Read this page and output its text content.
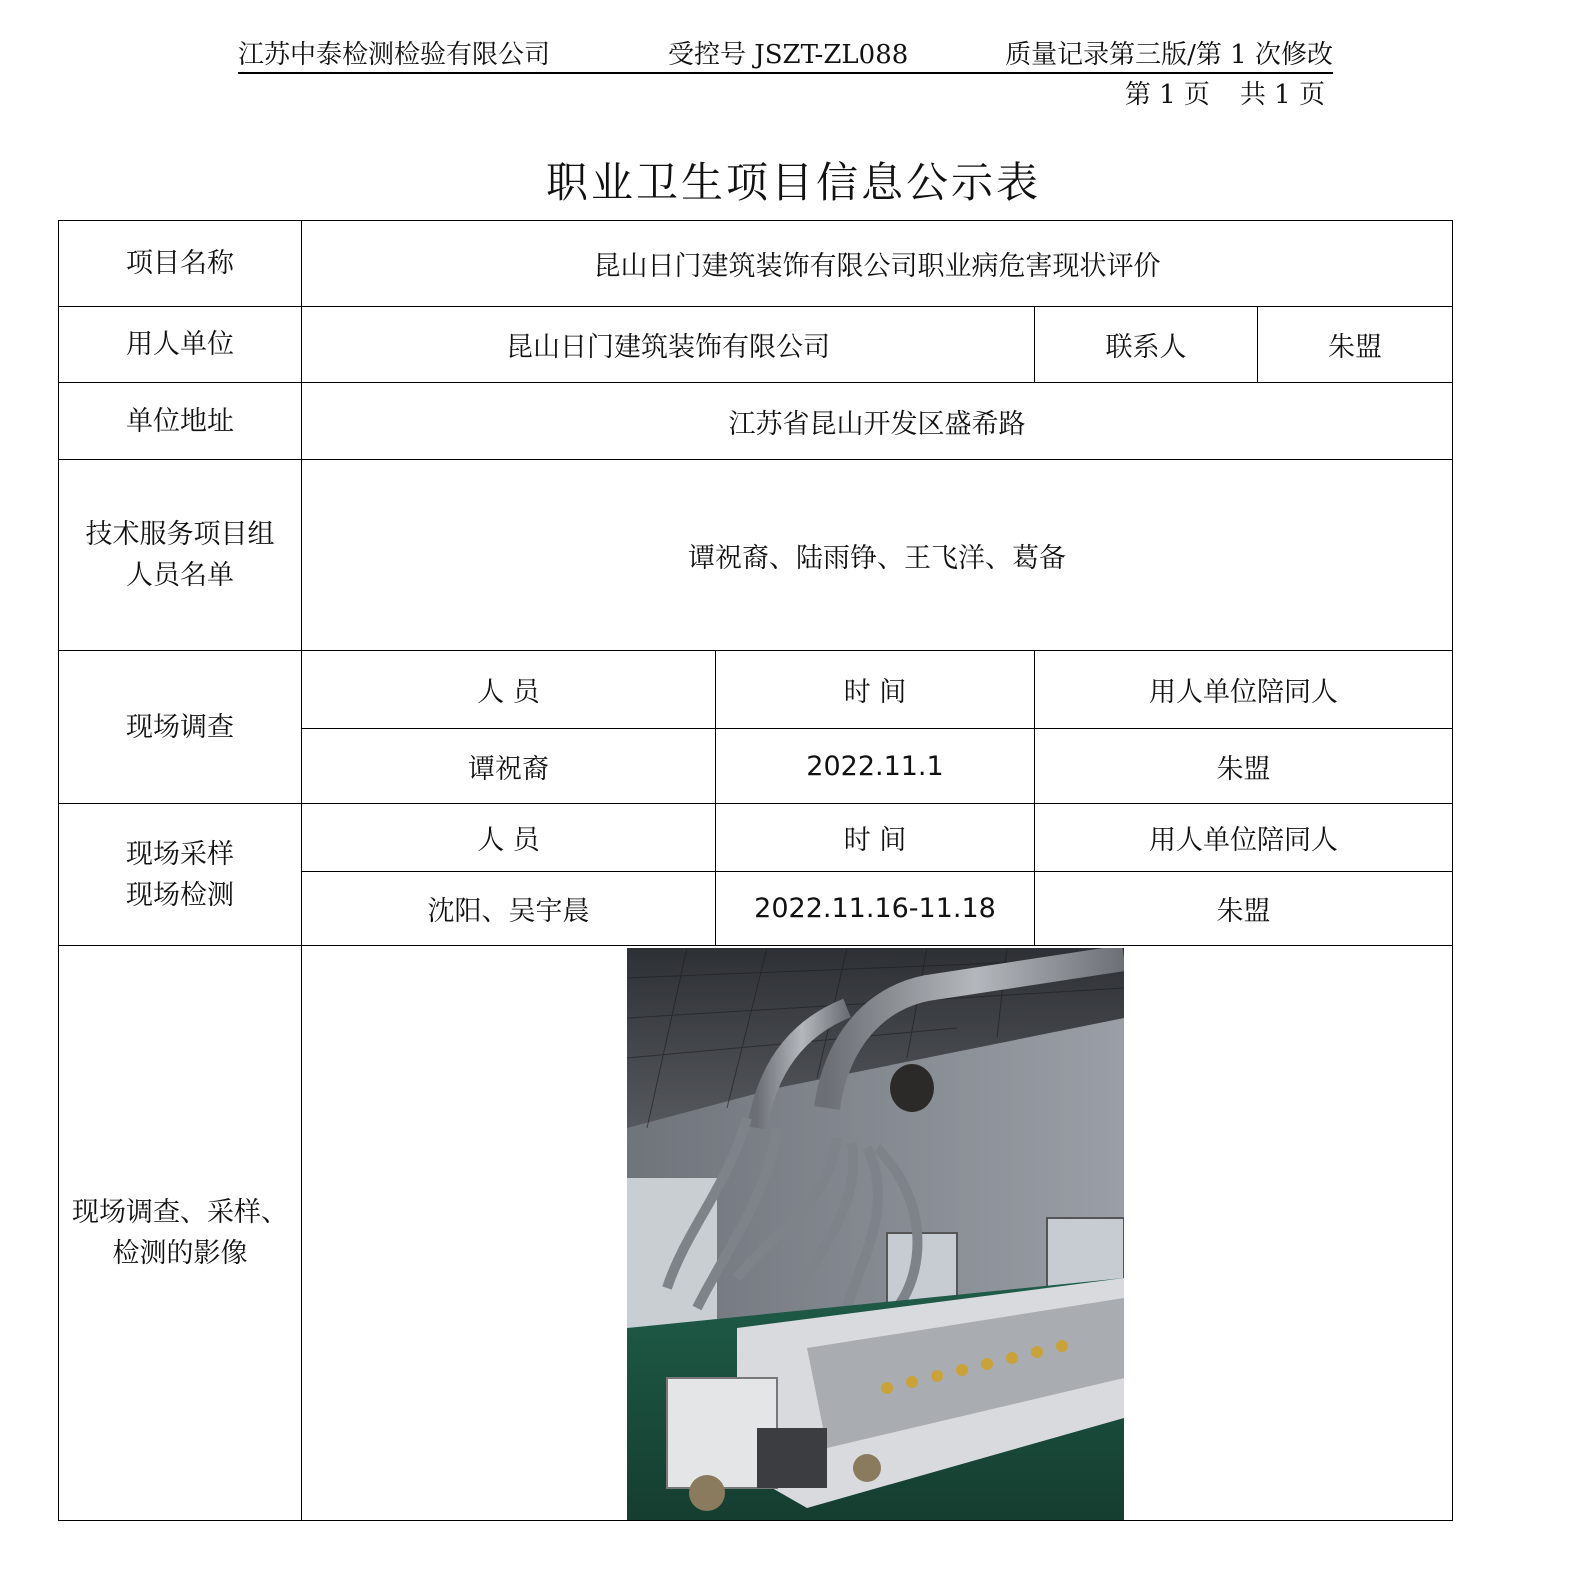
江苏中泰检测检验有限公司	受控号 JSZT-ZL088	质量记录第三版/第 1 次修改
第 1 页 共 1 页
职业卫生项目信息公示表
项目名称	昆山日门建筑装饰有限公司职业病危害现状评价			
用人单位	昆山日门建筑装饰有限公司		联系人	朱盟
单位地址	江苏省昆山开发区盛希路			

技术服务项目组
人员名单	谭祝裔、陆雨铮、王飞洋、葛备			
现场调查	人 员	时 间	用人单位陪同人	
	谭祝裔	2022.11.1	朱盟	

现场采样
现场检测	人 员	时 间	用人单位陪同人	
	沈阳、吴宇晨	2022.11.16-11.18	朱盟	

现场调查、采样、
检测的影像
